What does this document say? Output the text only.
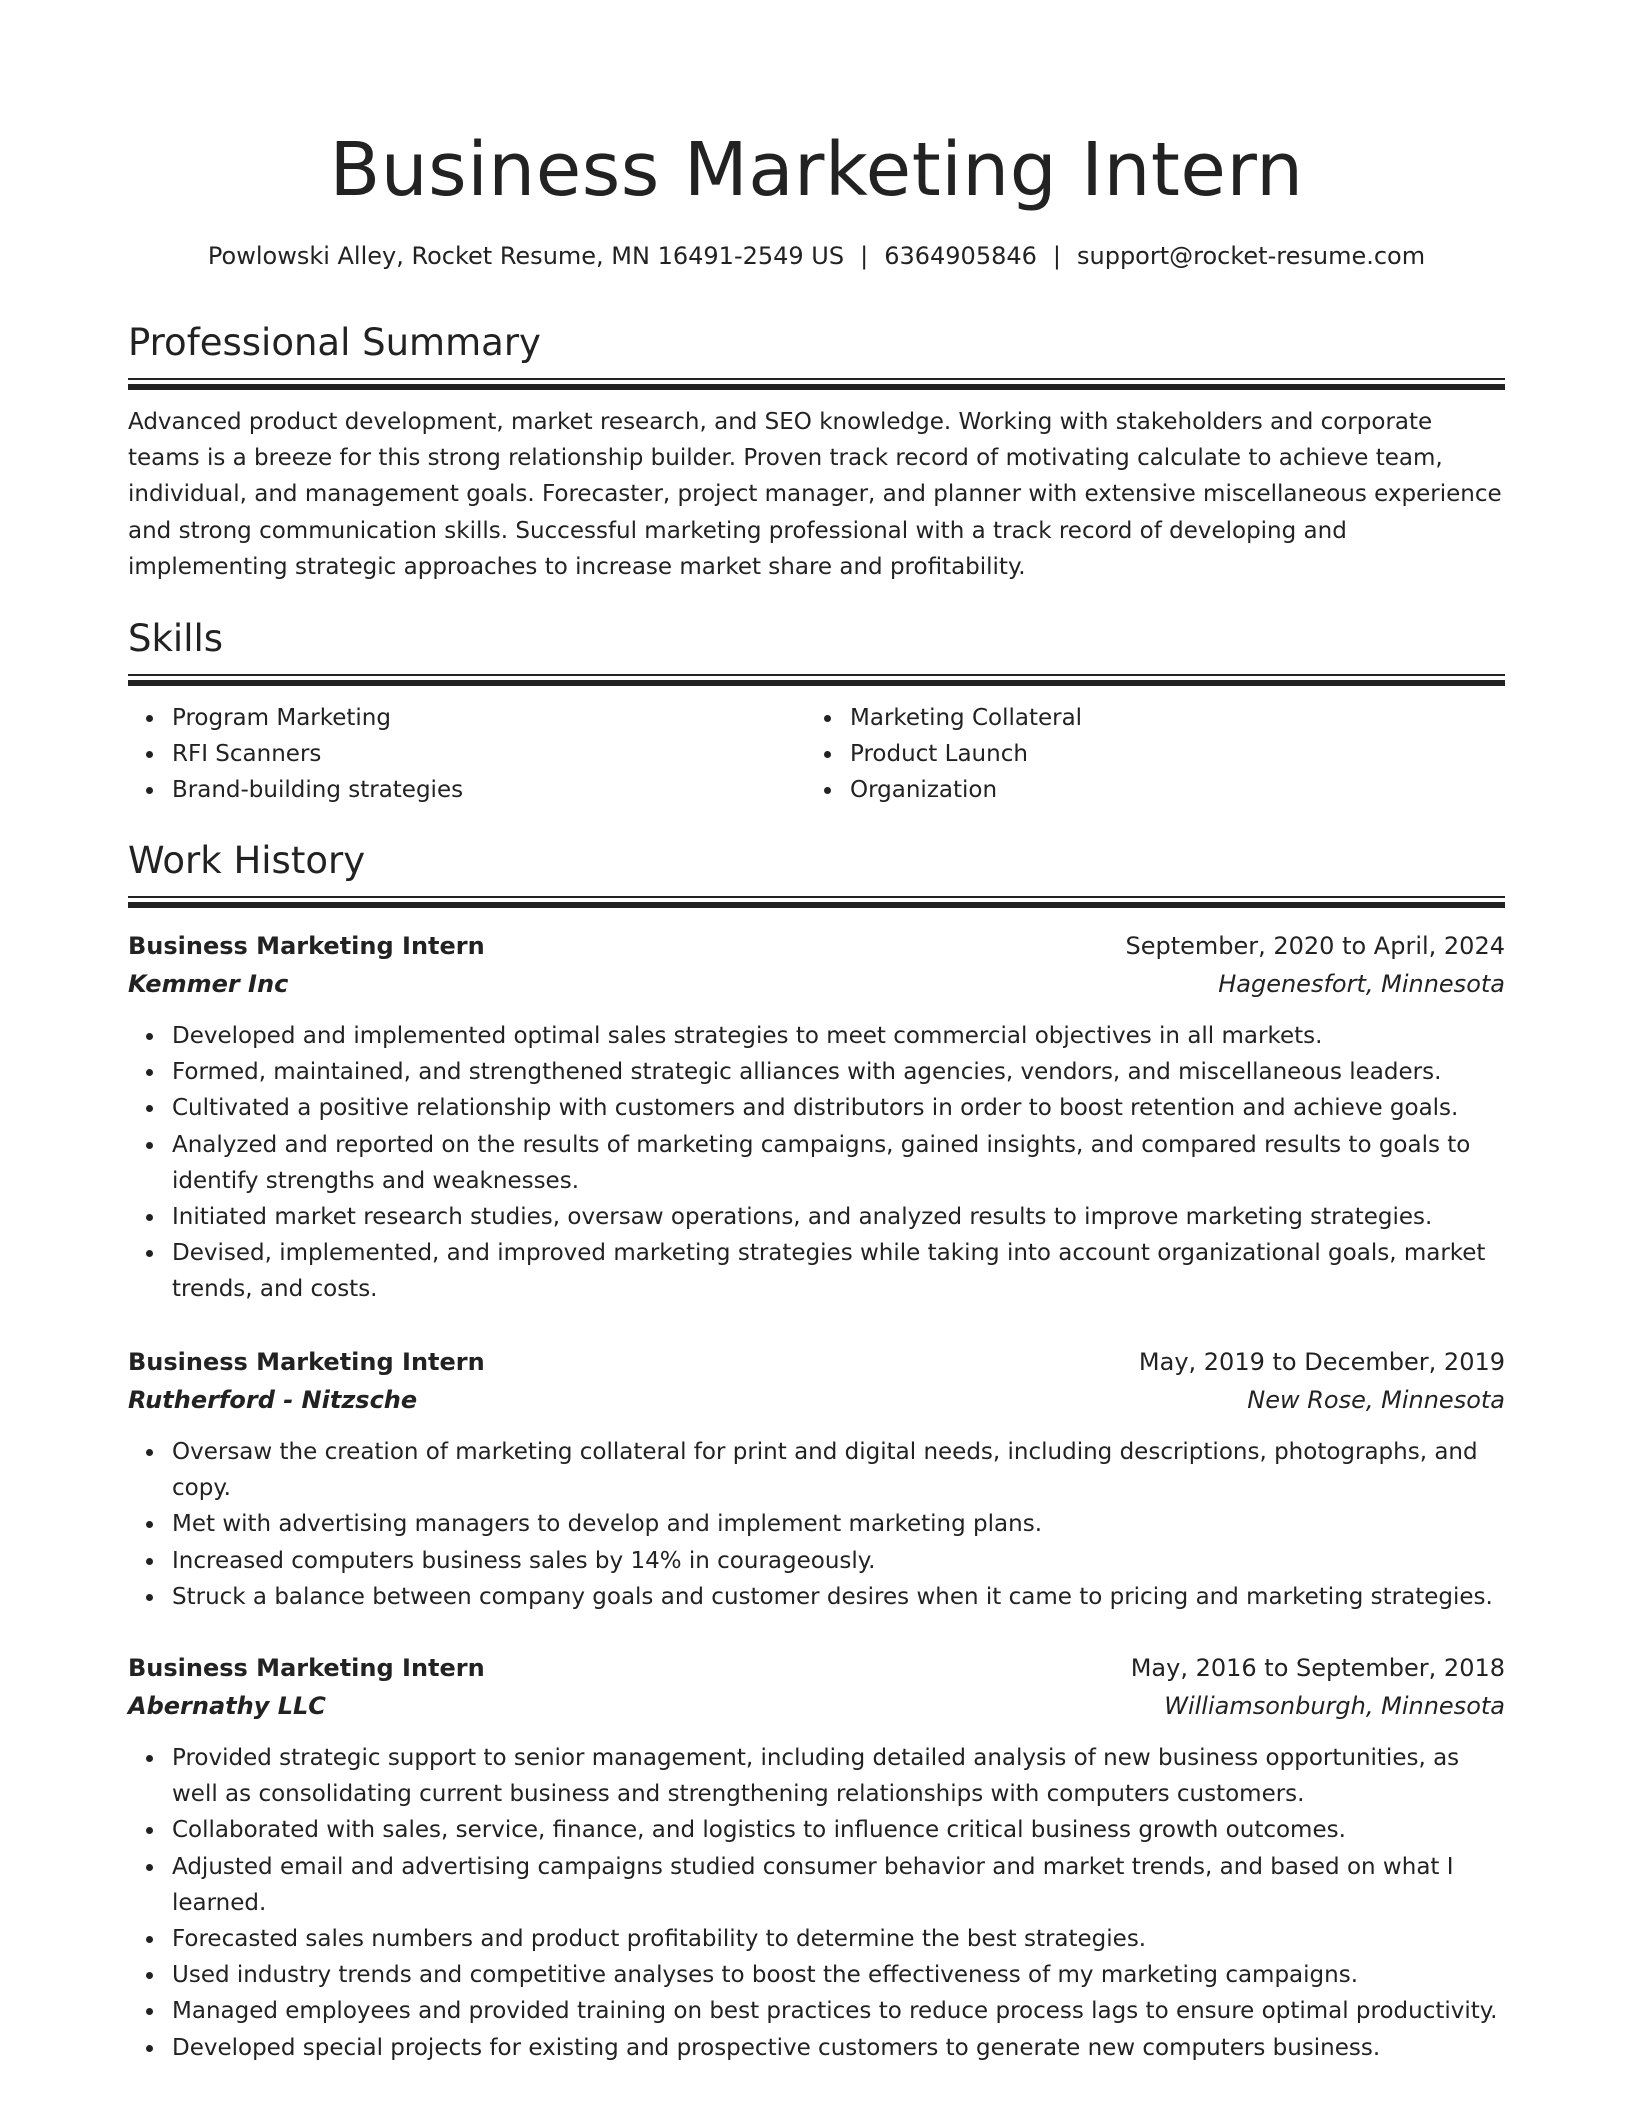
Business Marketing Intern
Powlowski Alley, Rocket Resume, MN 16491-2549 US | 6364905846 | support@rocket-resume.com
Professional Summary

Advanced product development, market research, and SEO knowledge. Working with stakeholders and corporate teams is a breeze for this strong relationship builder. Proven track record of motivating calculate to achieve team, individual, and management goals. Forecaster, project manager, and planner with extensive miscellaneous experience and strong communication skills. Successful marketing professional with a track record of developing and implementing strategic approaches to increase market share and profitability.

Skills
Program Marketing
RFI Scanners
Brand-building strategies
Marketing Collateral
Product Launch
Organization
Work History
Business Marketing Intern	September, 2020 to April, 2024
Kemmer Inc	Hagenesfort, Minnesota
Developed and implemented optimal sales strategies to meet commercial objectives in all markets.
Formed, maintained, and strengthened strategic alliances with agencies, vendors, and miscellaneous leaders.
Cultivated a positive relationship with customers and distributors in order to boost retention and achieve goals.
Analyzed and reported on the results of marketing campaigns, gained insights, and compared results to goals to identify strengths and weaknesses.
Initiated market research studies, oversaw operations, and analyzed results to improve marketing strategies.
Devised, implemented, and improved marketing strategies while taking into account organizational goals, market trends, and costs.
Business Marketing Intern	May, 2019 to December, 2019
Rutherford - Nitzsche	New Rose, Minnesota
Oversaw the creation of marketing collateral for print and digital needs, including descriptions, photographs, and copy.
Met with advertising managers to develop and implement marketing plans.
Increased computers business sales by 14% in courageously.
Struck a balance between company goals and customer desires when it came to pricing and marketing strategies.
Business Marketing Intern	May, 2016 to September, 2018
Abernathy LLC	Williamsonburgh, Minnesota
Provided strategic support to senior management, including detailed analysis of new business opportunities, as well as consolidating current business and strengthening relationships with computers customers.
Collaborated with sales, service, finance, and logistics to influence critical business growth outcomes.
Adjusted email and advertising campaigns studied consumer behavior and market trends, and based on what I learned.
Forecasted sales numbers and product profitability to determine the best strategies.
Used industry trends and competitive analyses to boost the effectiveness of my marketing campaigns.
Managed employees and provided training on best practices to reduce process lags to ensure optimal productivity.
Developed special projects for existing and prospective customers to generate new computers business.
